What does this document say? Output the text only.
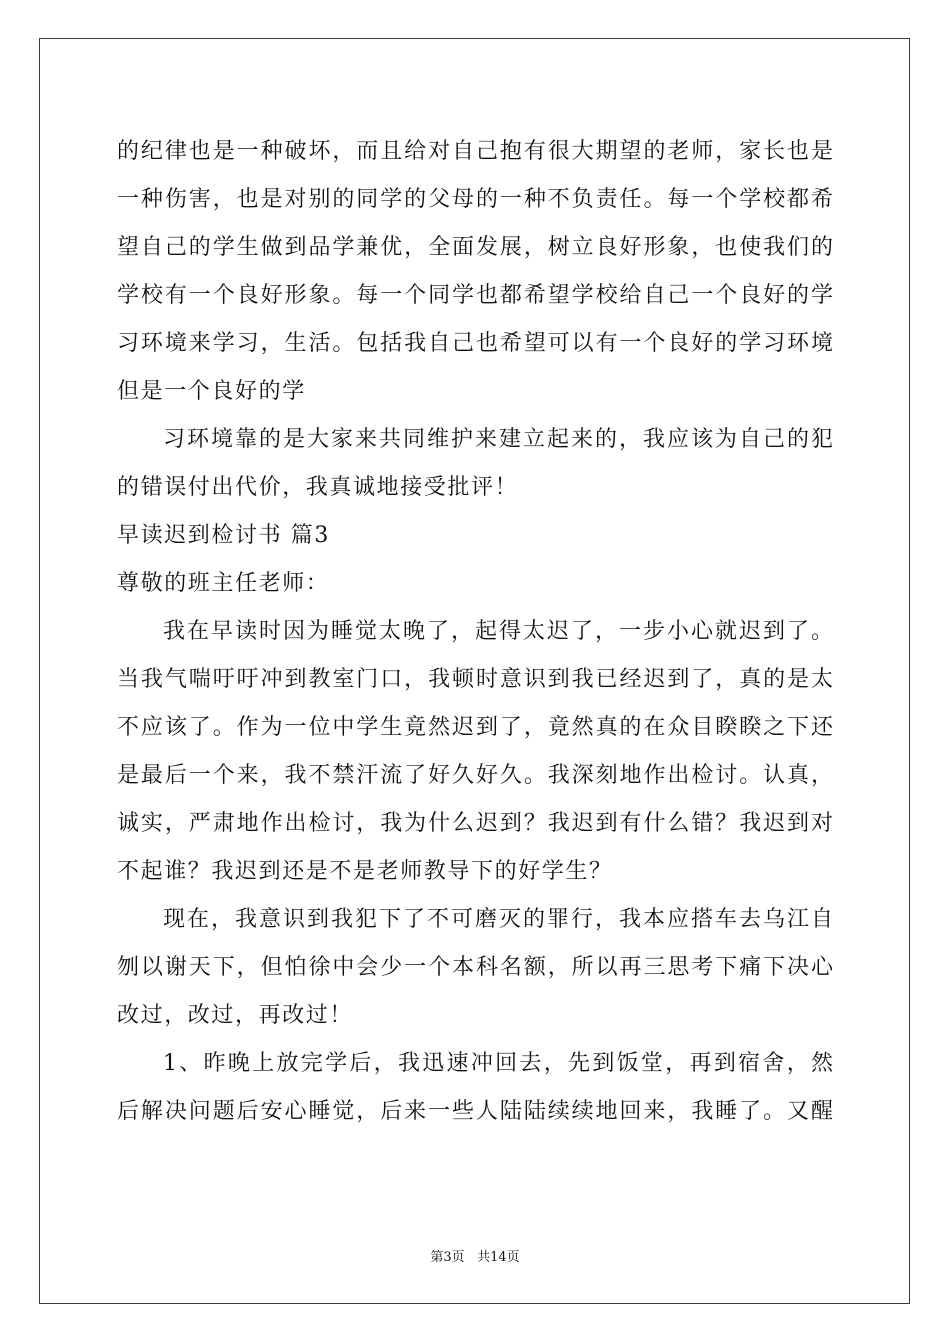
的纪律也是一种破坏，而且给对自己抱有很大期望的老师，家长也是
一种伤害，也是对别的同学的父母的一种不负责任。每一个学校都希
望自己的学生做到品学兼优，全面发展，树立良好形象，也使我们的
学校有一个良好形象。每一个同学也都希望学校给自己一个良好的学
习环境来学习，生活。包括我自己也希望可以有一个良好的学习环境
但是一个良好的学
习环境靠的是大家来共同维护来建立起来的，我应该为自己的犯
的错误付出代价，我真诚地接受批评！
早读迟到检讨书 篇3
尊敬的班主任老师：
我在早读时因为睡觉太晚了，起得太迟了，一步小心就迟到了。
当我气喘吁吁冲到教室门口，我顿时意识到我已经迟到了，真的是太
不应该了。作为一位中学生竟然迟到了，竟然真的在众目睽睽之下还
是最后一个来，我不禁汗流了好久好久。我深刻地作出检讨。认真，
诚实，严肃地作出检讨，我为什么迟到？我迟到有什么错？我迟到对
不起谁？我迟到还是不是老师教导下的好学生？
现在，我意识到我犯下了不可磨灭的罪行，我本应搭车去乌江自
刎以谢天下，但怕徐中会少一个本科名额，所以再三思考下痛下决心
改过，改过，再改过！
1、昨晚上放完学后，我迅速冲回去，先到饭堂，再到宿舍，然
后解决问题后安心睡觉，后来一些人陆陆续续地回来，我睡了。又醒
第3页 共14页
